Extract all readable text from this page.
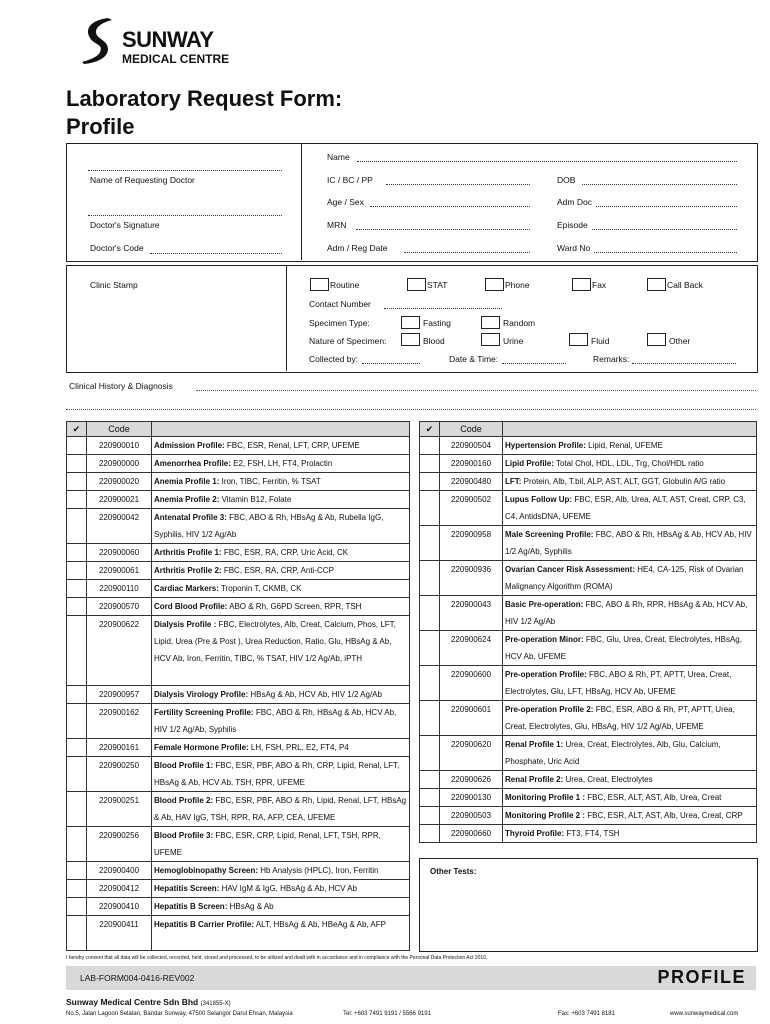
SUNWAY
MEDICAL CENTRE
Laboratory Request Form:
Profile
Name of Requesting Doctor
Doctor's Signature
Doctor's Code
Name
IC / BC / PP	DOB
Age / Sex	Adm Doc
MRN	Episode
Adm / Reg Date	Ward No
Clinic Stamp	Routine	STAT	Phone	Fax	Call Back
Contact Number
Specimen Type:	Fasting	Random
Nature of Specimen:	Blood	Urine	Fluid	Other
Collected by:	Date & Time:	Remarks:
Clinical History & Diagnosis
✔	Code	
	220900010	Admission Profile: FBC, ESR, Renal, LFT, CRP, UFEME
	220900000	Amenorrhea Profile: E2, FSH, LH, FT4, Prolactin
	220900020	Anemia Profile 1: Iron, TIBC, Ferritin, % TSAT
	220900021	Anemia Profile 2: Vitamin B12, Folate
	220900042	Antenatal Profile 3: FBC, ABO & Rh, HBsAg & Ab, Rubella IgG, Syphilis, HIV 1/2 Ag/Ab
	220900060	Arthritis Profile 1: FBC, ESR, RA, CRP, Uric Acid, CK
	220900061	Arthritis Profile 2: FBC, ESR, RA, CRP, Anti-CCP
	220900110	Cardiac Markers: Troponin T, CKMB, CK
	220900570	Cord Blood Profile: ABO & Rh, G6PD Screen, RPR, TSH
	220900622	Dialysis Profile : FBC, Electrolytes, Alb, Creat, Calcium, Phos, LFT, Lipid, Urea (Pre & Post ), Urea Reduction, Ratio, Glu, HBsAg & Ab, HCV Ab, Iron, Ferritin, TIBC, % TSAT, HIV 1/2 Ag/Ab, iPTH
	220900957	Dialysis Virology Profile: HBsAg & Ab, HCV Ab, HIV 1/2 Ag/Ab
	220900162	Fertility Screening Profile: FBC, ABO & Rh, HBsAg & Ab, HCV Ab, HIV 1/2 Ag/Ab, Syphilis
	220900161	Female Hormone Profile: LH, FSH, PRL, E2, FT4, P4
	220900250	Blood Profile 1: FBC, ESR, PBF, ABO & Rh, CRP, Lipid, Renal, LFT, HBsAg & Ab, HCV Ab, TSH, RPR, UFEME
	220900251	Blood Profile 2: FBC, ESR, PBF, ABO & Rh, Lipid, Renal, LFT, HBsAg & Ab, HAV IgG, TSH, RPR, RA, AFP, CEA, UFEME
	220900256	Blood Profile 3: FBC, ESR, CRP, Lipid, Renal, LFT, TSH, RPR, UFEME
	220900400	Hemoglobinopathy Screen: Hb Analysis (HPLC), Iron, Ferritin
	220900412	Hepatitis Screen: HAV IgM & IgG, HBsAg & Ab, HCV Ab
	220900410	Hepatitis B Screen: HBsAg & Ab
	220900411	Hepatitis B Carrier Profile: ALT, HBsAg & Ab, HBeAg & Ab, AFP
✔	Code	
	220900504	Hypertension Profile: Lipid, Renal, UFEME
	220900160	Lipid Profile: Total Chol, HDL, LDL, Trg, Chol/HDL ratio
	220900480	LFT: Protein, Alb, T.bil, ALP, AST, ALT, GGT, Globulin A/G ratio
	220900502	Lupus Follow Up: FBC, ESR, Alb, Urea, ALT, AST, Creat, CRP, C3, C4, AntidsDNA, UFEME
	220900958	Male Screening Profile: FBC, ABO & Rh, HBsAg & Ab, HCV Ab, HIV 1/2 Ag/Ab, Syphilis
	220900936	Ovarian Cancer Risk Assessment: HE4, CA-125, Risk of Ovarian Malignancy Algorithm (ROMA)
	220900043	Basic Pre-operation: FBC, ABO & Rh, RPR, HBsAg & Ab, HCV Ab, HIV 1/2 Ag/Ab
	220900624	Pre-operation Minor: FBC, Glu, Urea, Creat, Electrolytes, HBsAg, HCV Ab, UFEME
	220900600	Pre-operation Profile: FBC, ABO & Rh, PT, APTT, Urea, Creat, Electrolytes, Glu, LFT, HBsAg, HCV Ab, UFEME
	220900601	Pre-operation Profile 2: FBC, ESR, ABO & Rh, PT, APTT, Urea, Creat, Electrolytes, Glu, HBsAg, HIV 1/2 Ag/Ab, UFEME
	220900620	Renal Profile 1: Urea, Creat, Electrolytes, Alb, Glu, Calcium, Phosphate, Uric Acid
	220900626	Renal Profile 2: Urea, Creat, Electrolytes
	220900130	Monitoring Profile 1 : FBC, ESR, ALT, AST, Alb, Urea, Creat
	220900503	Monitoring Profile 2 : FBC, ESR, ALT, AST, Alb, Urea, Creat, CRP
	220900660	Thyroid Profile: FT3, FT4, TSH
Other Tests:
I hereby consent that all data will be collected, recorded, held, stored and processed, to be utilized and dealt with in accordance and in compliance with the Personal Data Protection Act 2010.
LAB-FORM004-0416-REV002	PROFILE
Sunway Medical Centre Sdn Bhd (341855-X)
No.5, Jalan Lagoon Selatan, Bandar Sunway, 47500 Selangor Darul Ehsan, Malaysia	Tel: +603 7491 9191 / 5566 9191	Fax: +603 7491 8181	www.sunwaymedical.com
